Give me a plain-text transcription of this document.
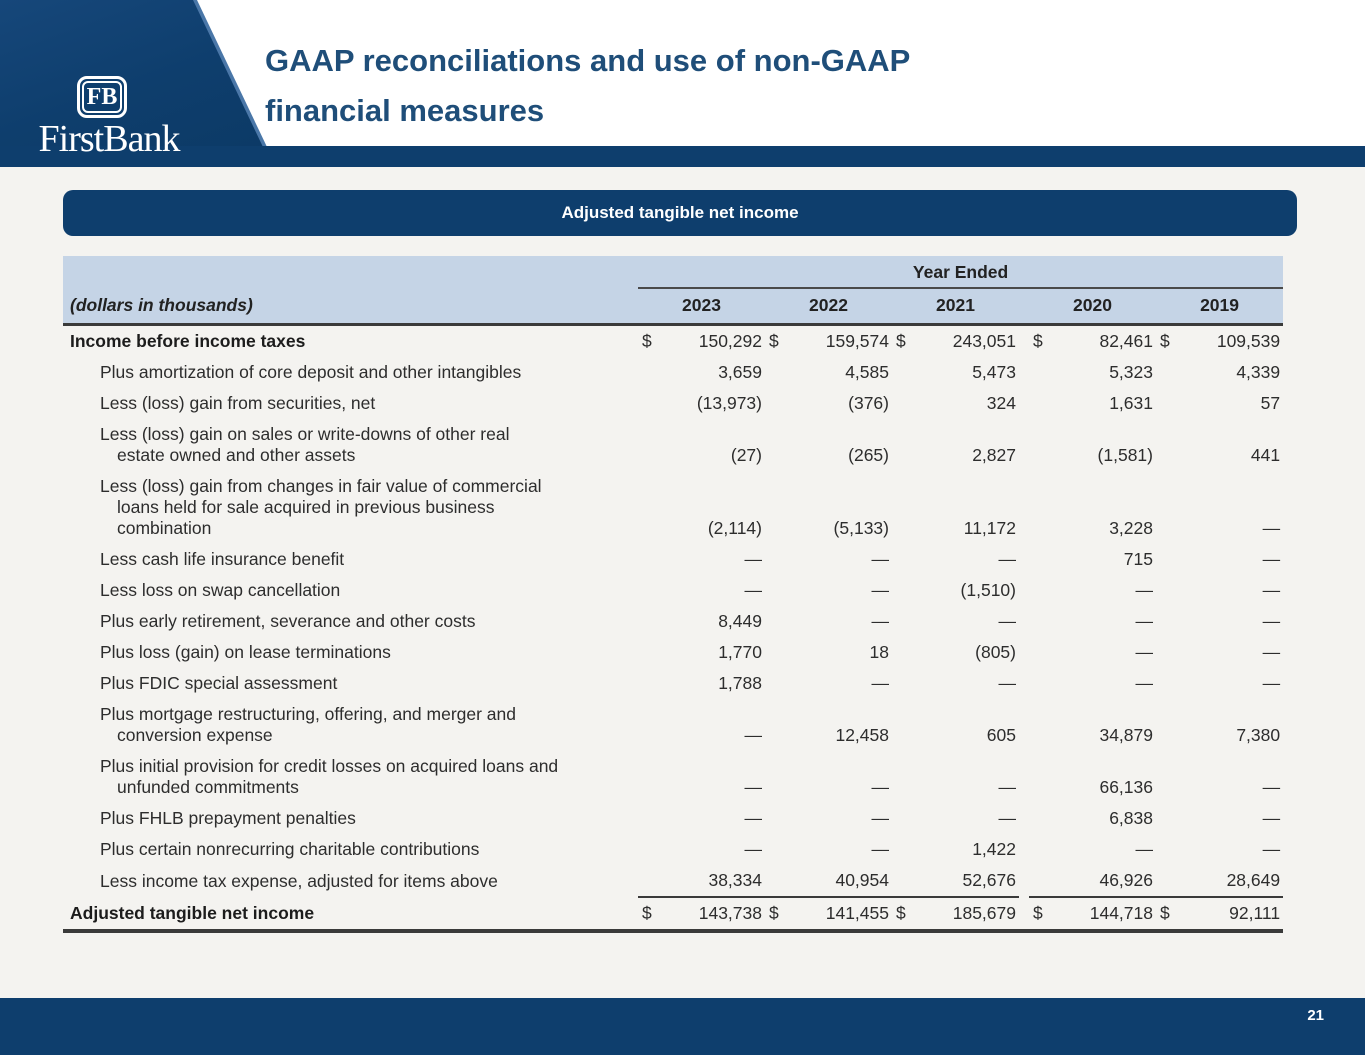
FB
FirstBank
GAAP reconciliations and use of non-GAAP
financial measures
Adjusted tangible net income
	Year Ended										
(dollars in thousands)	2023		2022		2021			2020		2019	

Income before income taxes	$	150,292	$	159,574	$	243,051		$	82,461	$	109,539

Plus amortization of core deposit and other intangibles		3,659		4,585		5,473			5,323		4,339

Less (loss) gain from securities, net		(13,973)		(376)		324			1,631		57

Less (loss) gain on sales or write-downs of other real
estate owned and other assets		(27)		(265)		2,827			(1,581)		441

Less (loss) gain from changes in fair value of commercial
loans held for sale acquired in previous business
combination		(2,114)		(5,133)		11,172			3,228		—

Less cash life insurance benefit		—		—		—			715		—

Less loss on swap cancellation		—		—		(1,510)			—		—

Plus early retirement, severance and other costs		8,449		—		—			—		—

Plus loss (gain) on lease terminations		1,770		18		(805)			—		—

Plus FDIC special assessment		1,788		—		—			—		—

Plus mortgage restructuring, offering, and merger and
conversion expense		—		12,458		605			34,879		7,380

Plus initial provision for credit losses on acquired loans and
unfunded commitments		—		—		—			66,136		—

Plus FHLB prepayment penalties		—		—		—			6,838		—

Plus certain nonrecurring charitable contributions		—		—		1,422			—		—

Less income tax expense, adjusted for items above		38,334		40,954		52,676			46,926		28,649

Adjusted tangible net income	$	143,738	$	141,455	$	185,679		$	144,718	$	92,111
21
